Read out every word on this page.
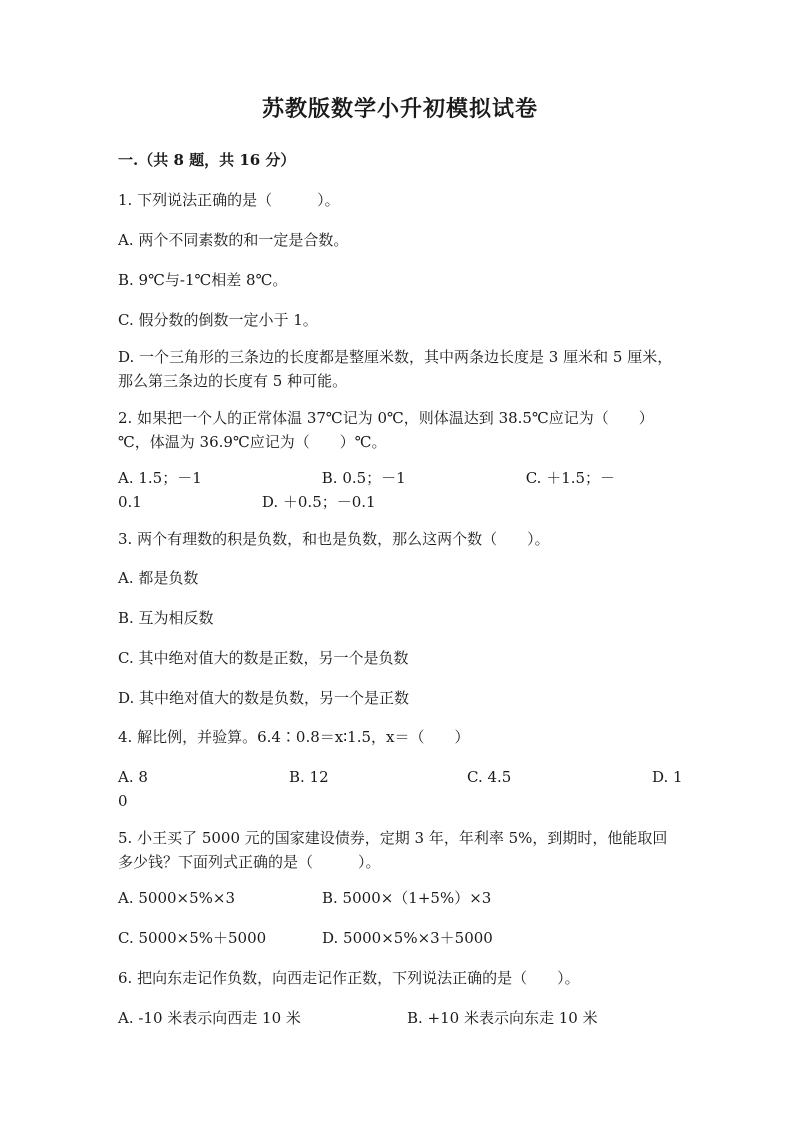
苏教版数学小升初模拟试卷
一.（共 8 题，共 16 分）
1. 下列说法正确的是（　　　）。
A. 两个不同素数的和一定是合数。
B. 9℃与-1℃相差 8℃。
C. 假分数的倒数一定小于 1。
D. 一个三角形的三条边的长度都是整厘米数，其中两条边长度是 3 厘米和 5 厘米，那么第三条边的长度有 5 种可能。
2. 如果把一个人的正常体温 37℃记为 0℃，则体温达到 38.5℃应记为（　　）℃，体温为 36.9℃应记为（　　）℃。
A. 1.5；－1　　　　　　　　B. 0.5；－1　　　　　　　　C. ＋1.5；－
0.1　　　　　　　　D. ＋0.5；－0.1
3. 两个有理数的积是负数，和也是负数，那么这两个数（　　）。
A. 都是负数
B. 互为相反数
C. 其中绝对值大的数是正数，另一个是负数
D. 其中绝对值大的数是负数，另一个是正数
4. 解比例，并验算。6.4∶0.8＝x∶1.5，x＝（　　）
A. 8	B. 12	C. 4.5	D. 1
0
5. 小王买了 5000 元的国家建设债券，定期 3 年，年利率 5%，到期时，他能取回多少钱？下面列式正确的是（　　　）。
A. 5000×5%×3	B. 5000×（1+5%）×3
C. 5000×5%＋5000	D. 5000×5%×3＋5000
6. 把向东走记作负数，向西走记作正数，下列说法正确的是（　　）。
A. -10 米表示向西走 10 米	B. +10 米表示向东走 10 米
